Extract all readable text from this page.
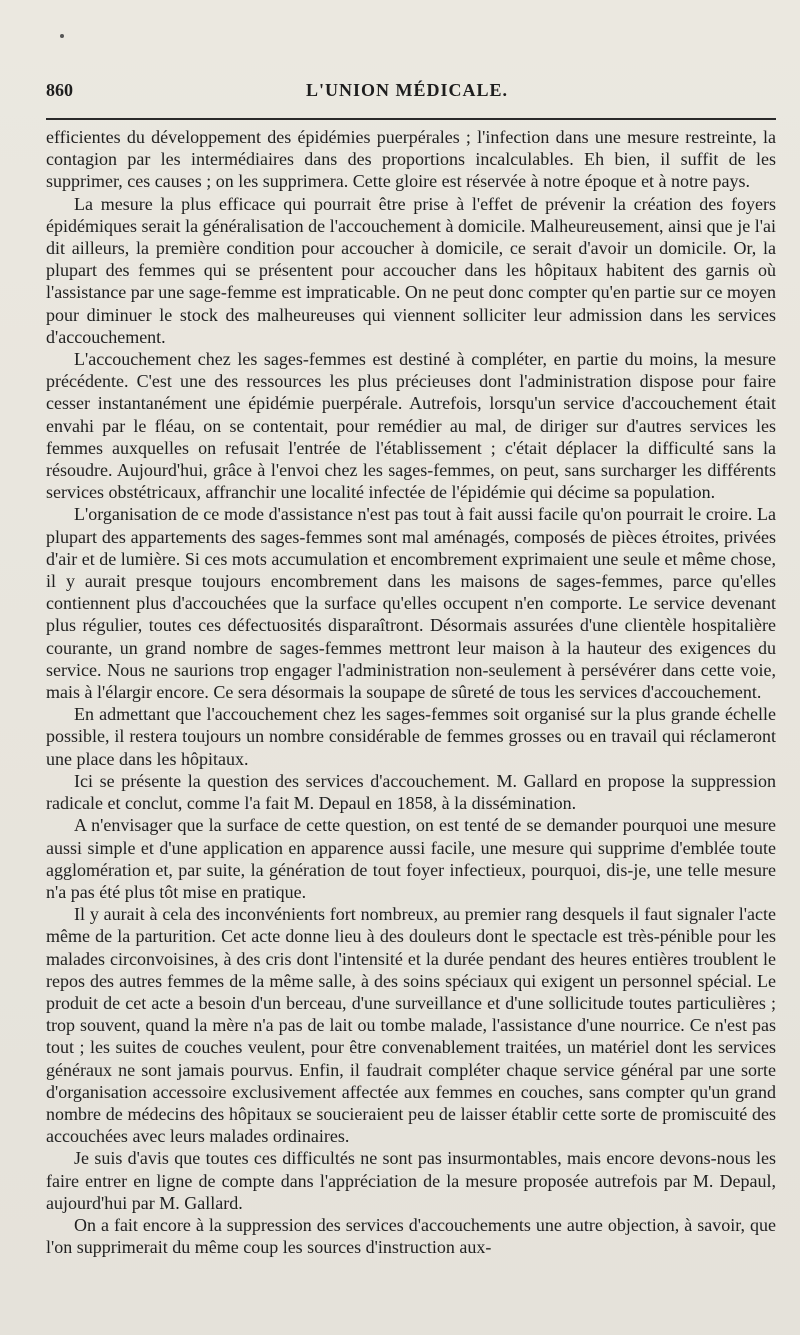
860	L'UNION MÉDICALE.

efficientes du développement des épidémies puerpérales ; l'infection dans une mesure restreinte, la contagion par les intermédiaires dans des proportions incalculables. Eh bien, il suffit de les supprimer, ces causes ; on les supprimera. Cette gloire est réservée à notre époque et à notre pays.

La mesure la plus efficace qui pourrait être prise à l'effet de prévenir la création des foyers épidémiques serait la généralisation de l'accouchement à domicile. Malheureusement, ainsi que je l'ai dit ailleurs, la première condition pour accoucher à domicile, ce serait d'avoir un domicile. Or, la plupart des femmes qui se présentent pour accoucher dans les hôpitaux habitent des garnis où l'assistance par une sage-femme est impraticable. On ne peut donc compter qu'en partie sur ce moyen pour diminuer le stock des malheureuses qui viennent solliciter leur admission dans les services d'accouchement.

L'accouchement chez les sages-femmes est destiné à compléter, en partie du moins, la mesure précédente. C'est une des ressources les plus précieuses dont l'administration dispose pour faire cesser instantanément une épidémie puerpérale. Autrefois, lorsqu'un service d'accouchement était envahi par le fléau, on se contentait, pour remédier au mal, de diriger sur d'autres services les femmes auxquelles on refusait l'entrée de l'établissement ; c'était déplacer la difficulté sans la résoudre. Aujourd'hui, grâce à l'envoi chez les sages-femmes, on peut, sans surcharger les différents services obstétricaux, affranchir une localité infectée de l'épidémie qui décime sa population.

L'organisation de ce mode d'assistance n'est pas tout à fait aussi facile qu'on pourrait le croire. La plupart des appartements des sages-femmes sont mal aménagés, composés de pièces étroites, privées d'air et de lumière. Si ces mots accumulation et encombrement exprimaient une seule et même chose, il y aurait presque toujours encombrement dans les maisons de sages-femmes, parce qu'elles contiennent plus d'accouchées que la surface qu'elles occupent n'en comporte. Le service devenant plus régulier, toutes ces défectuosités disparaîtront. Désormais assurées d'une clientèle hospitalière courante, un grand nombre de sages-femmes mettront leur maison à la hauteur des exigences du service. Nous ne saurions trop engager l'administration non-seulement à persévérer dans cette voie, mais à l'élargir encore. Ce sera désormais la soupape de sûreté de tous les services d'accouchement.

En admettant que l'accouchement chez les sages-femmes soit organisé sur la plus grande échelle possible, il restera toujours un nombre considérable de femmes grosses ou en travail qui réclameront une place dans les hôpitaux.

Ici se présente la question des services d'accouchement. M. Gallard en propose la suppression radicale et conclut, comme l'a fait M. Depaul en 1858, à la dissémination.

A n'envisager que la surface de cette question, on est tenté de se demander pourquoi une mesure aussi simple et d'une application en apparence aussi facile, une mesure qui supprime d'emblée toute agglomération et, par suite, la génération de tout foyer infectieux, pourquoi, dis-je, une telle mesure n'a pas été plus tôt mise en pratique.

Il y aurait à cela des inconvénients fort nombreux, au premier rang desquels il faut signaler l'acte même de la parturition. Cet acte donne lieu à des douleurs dont le spectacle est très-pénible pour les malades circonvoisines, à des cris dont l'intensité et la durée pendant des heures entières troublent le repos des autres femmes de la même salle, à des soins spéciaux qui exigent un personnel spécial. Le produit de cet acte a besoin d'un berceau, d'une surveillance et d'une sollicitude toutes particulières ; trop souvent, quand la mère n'a pas de lait ou tombe malade, l'assistance d'une nourrice. Ce n'est pas tout ; les suites de couches veulent, pour être convenablement traitées, un matériel dont les services généraux ne sont jamais pourvus. Enfin, il faudrait compléter chaque service général par une sorte d'organisation accessoire exclusivement affectée aux femmes en couches, sans compter qu'un grand nombre de médecins des hôpitaux se soucieraient peu de laisser établir cette sorte de promiscuité des accouchées avec leurs malades ordinaires.

Je suis d'avis que toutes ces difficultés ne sont pas insurmontables, mais encore devons-nous les faire entrer en ligne de compte dans l'appréciation de la mesure proposée autrefois par M. Depaul, aujourd'hui par M. Gallard.

On a fait encore à la suppression des services d'accouchements une autre objection, à savoir, que l'on supprimerait du même coup les sources d'instruction aux-
